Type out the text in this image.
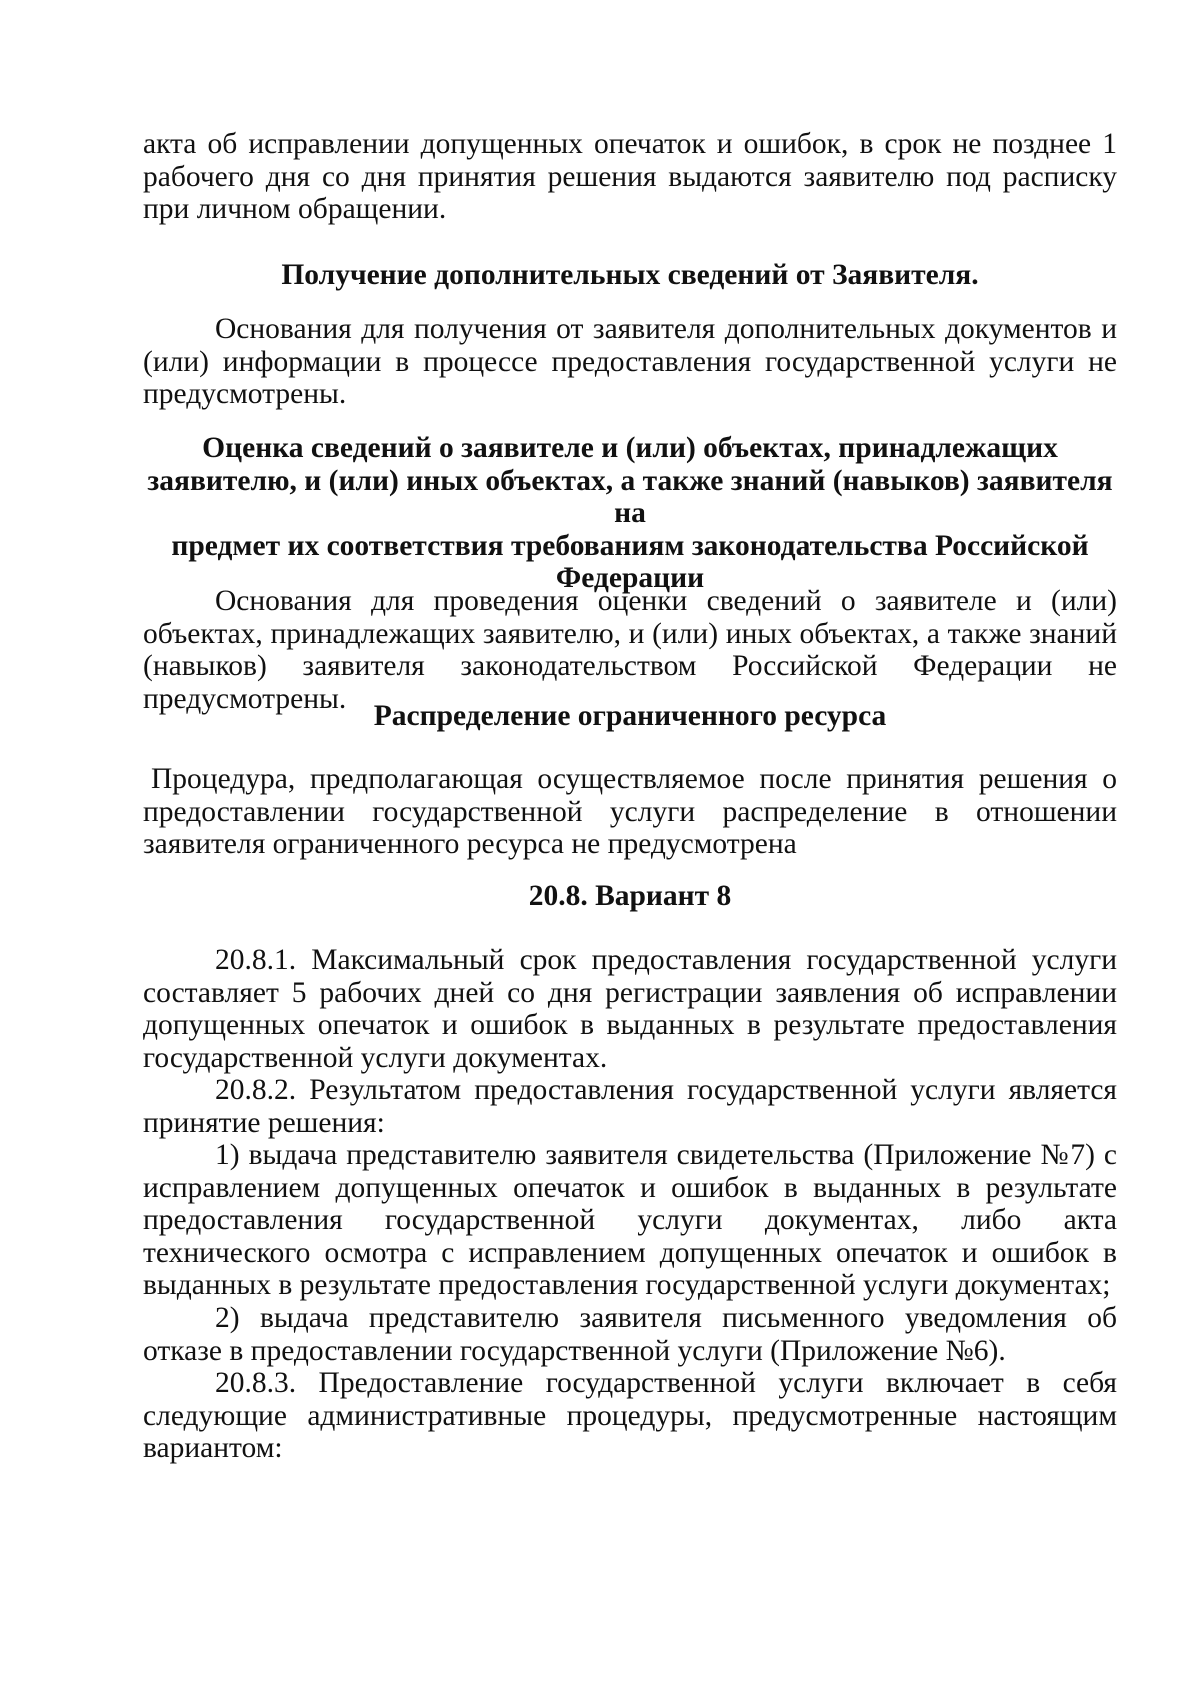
акта об исправлении допущенных опечаток и ошибок, в срок не позднее 1 рабочего дня со дня принятия решения выдаются заявителю под расписку при личном обращении.

Получение дополнительных сведений от Заявителя.

Основания для получения от заявителя дополнительных документов и (или) информации в процессе предоставления государственной услуги не предусмотрены.

Оценка сведений о заявителе и (или) объектах, принадлежащих
заявителю, и (или) иных объектах, а также знаний (навыков) заявителя на
предмет их соответствия требованиям законодательства Российской
Федерации

Основания для проведения оценки сведений о заявителе и (или) объектах, принадлежащих заявителю, и (или) иных объектах, а также знаний (навыков) заявителя законодательством Российской Федерации не предусмотрены.

Распределение ограниченного ресурса

Процедура, предполагающая осуществляемое после принятия решения о предоставлении государственной услуги распределение в отношении заявителя ограниченного ресурса не предусмотрена

20.8. Вариант 8

20.8.1. Максимальный срок предоставления государственной услуги составляет 5 рабочих дней со дня регистрации заявления об исправлении допущенных опечаток и ошибок в выданных в результате предоставления государственной услуги документах.

20.8.2. Результатом предоставления государственной услуги является принятие решения:

1) выдача представителю заявителя свидетельства (Приложение №7) с исправлением допущенных опечаток и ошибок в выданных в результате предоставления государственной услуги документах, либо акта технического осмотра с исправлением допущенных опечаток и ошибок в выданных в результате предоставления государственной услуги документах;

2) выдача представителю заявителя письменного уведомления об отказе в предоставлении государственной услуги (Приложение №6).

20.8.3. Предоставление государственной услуги включает в себя следующие административные процедуры, предусмотренные настоящим вариантом:
